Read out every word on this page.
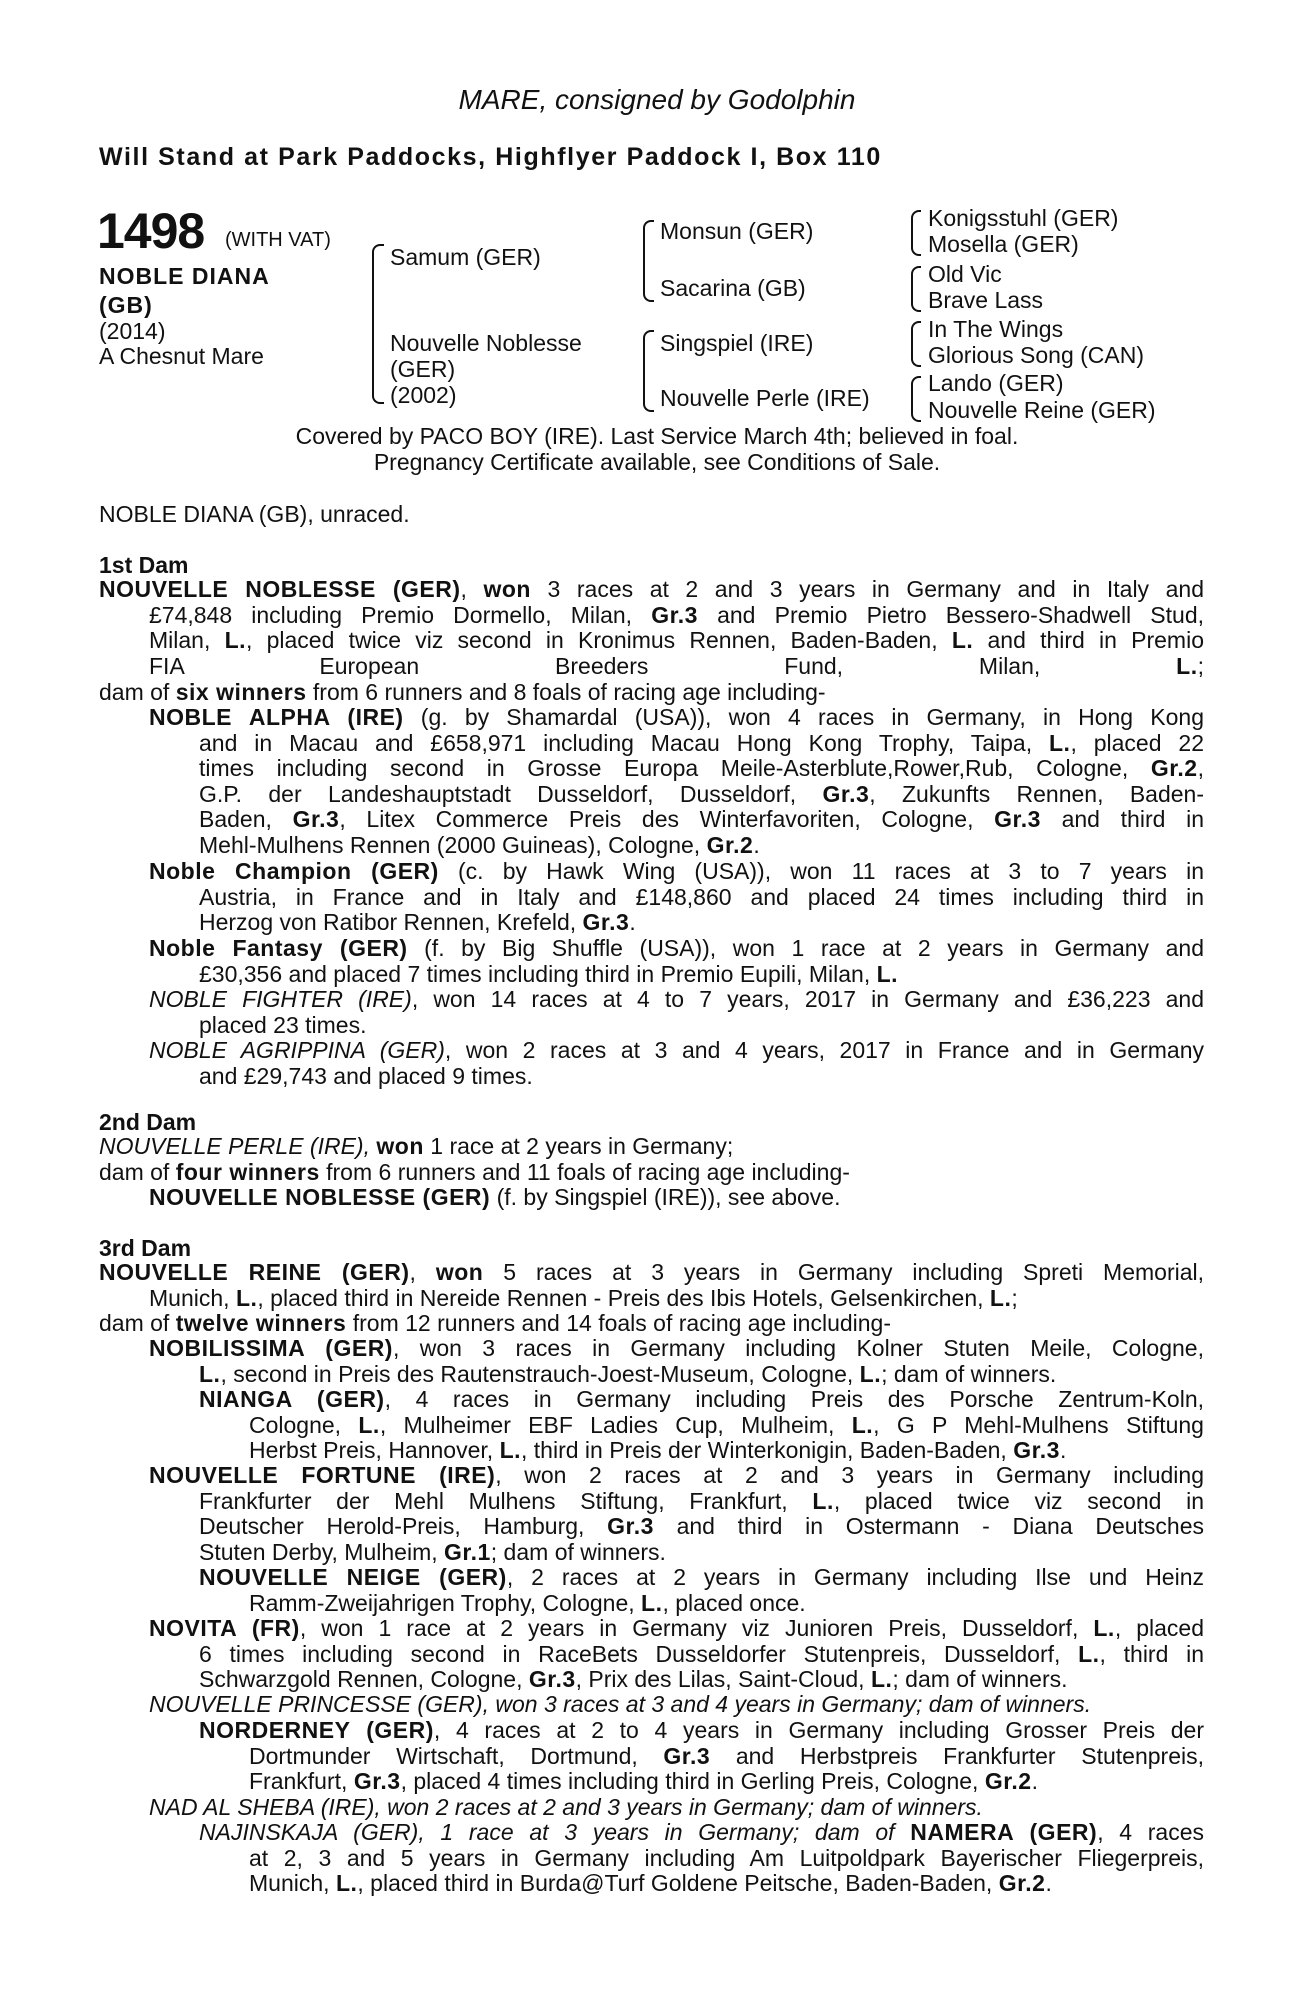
MARE, consigned by Godolphin
Will Stand at Park Paddocks, Highflyer Paddock I, Box 110
1498 (WITH VAT)
NOBLE DIANA
(GB)
(2014)
A Chesnut Mare
Samum (GER)
Nouvelle Noblesse
(GER)
(2002)
Monsun (GER)
Sacarina (GB)
Singspiel (IRE)
Nouvelle Perle (IRE)
Konigsstuhl (GER)
Mosella (GER)
Old Vic
Brave Lass
In The Wings
Glorious Song (CAN)
Lando (GER)
Nouvelle Reine (GER)
Covered by PACO BOY (IRE). Last Service March 4th; believed in foal.
Pregnancy Certificate available, see Conditions of Sale.
NOBLE DIANA (GB), unraced.
1st Dam
NOUVELLE NOBLESSE (GER), won 3 races at 2 and 3 years in Germany and in Italy and
£74,848 including Premio Dormello, Milan, Gr.3 and Premio Pietro Bessero-Shadwell Stud,
Milan, L., placed twice viz second in Kronimus Rennen, Baden-Baden, L. and third in Premio
FIA European Breeders Fund, Milan, L.;
dam of six winners from 6 runners and 8 foals of racing age including-
NOBLE ALPHA (IRE) (g. by Shamardal (USA)), won 4 races in Germany, in Hong Kong
and in Macau and £658,971 including Macau Hong Kong Trophy, Taipa, L., placed 22
times including second in Grosse Europa Meile-Asterblute,Rower,Rub, Cologne, Gr.2,
G.P. der Landeshauptstadt Dusseldorf, Dusseldorf, Gr.3, Zukunfts Rennen, Baden-
Baden, Gr.3, Litex Commerce Preis des Winterfavoriten, Cologne, Gr.3 and third in
Mehl-Mulhens Rennen (2000 Guineas), Cologne, Gr.2.
Noble Champion (GER) (c. by Hawk Wing (USA)), won 11 races at 3 to 7 years in
Austria, in France and in Italy and £148,860 and placed 24 times including third in
Herzog von Ratibor Rennen, Krefeld, Gr.3.
Noble Fantasy (GER) (f. by Big Shuffle (USA)), won 1 race at 2 years in Germany and
£30,356 and placed 7 times including third in Premio Eupili, Milan, L.
NOBLE FIGHTER (IRE), won 14 races at 4 to 7 years, 2017 in Germany and £36,223 and
placed 23 times.
NOBLE AGRIPPINA (GER), won 2 races at 3 and 4 years, 2017 in France and in Germany
and £29,743 and placed 9 times.
2nd Dam
NOUVELLE PERLE (IRE), won 1 race at 2 years in Germany;
dam of four winners from 6 runners and 11 foals of racing age including-
NOUVELLE NOBLESSE (GER) (f. by Singspiel (IRE)), see above.
3rd Dam
NOUVELLE REINE (GER), won 5 races at 3 years in Germany including Spreti Memorial,
Munich, L., placed third in Nereide Rennen - Preis des Ibis Hotels, Gelsenkirchen, L.;
dam of twelve winners from 12 runners and 14 foals of racing age including-
NOBILISSIMA (GER), won 3 races in Germany including Kolner Stuten Meile, Cologne,
L., second in Preis des Rautenstrauch-Joest-Museum, Cologne, L.; dam of winners.
NIANGA (GER), 4 races in Germany including Preis des Porsche Zentrum-Koln,
Cologne, L., Mulheimer EBF Ladies Cup, Mulheim, L., G P Mehl-Mulhens Stiftung
Herbst Preis, Hannover, L., third in Preis der Winterkonigin, Baden-Baden, Gr.3.
NOUVELLE FORTUNE (IRE), won 2 races at 2 and 3 years in Germany including
Frankfurter der Mehl Mulhens Stiftung, Frankfurt, L., placed twice viz second in
Deutscher Herold-Preis, Hamburg, Gr.3 and third in Ostermann - Diana Deutsches
Stuten Derby, Mulheim, Gr.1; dam of winners.
NOUVELLE NEIGE (GER), 2 races at 2 years in Germany including Ilse und Heinz
Ramm-Zweijahrigen Trophy, Cologne, L., placed once.
NOVITA (FR), won 1 race at 2 years in Germany viz Junioren Preis, Dusseldorf, L., placed
6 times including second in RaceBets Dusseldorfer Stutenpreis, Dusseldorf, L., third in
Schwarzgold Rennen, Cologne, Gr.3, Prix des Lilas, Saint-Cloud, L.; dam of winners.
NOUVELLE PRINCESSE (GER), won 3 races at 3 and 4 years in Germany; dam of winners.
NORDERNEY (GER), 4 races at 2 to 4 years in Germany including Grosser Preis der
Dortmunder Wirtschaft, Dortmund, Gr.3 and Herbstpreis Frankfurter Stutenpreis,
Frankfurt, Gr.3, placed 4 times including third in Gerling Preis, Cologne, Gr.2.
NAD AL SHEBA (IRE), won 2 races at 2 and 3 years in Germany; dam of winners.
NAJINSKAJA (GER), 1 race at 3 years in Germany; dam of NAMERA (GER), 4 races
at 2, 3 and 5 years in Germany including Am Luitpoldpark Bayerischer Fliegerpreis,
Munich, L., placed third in Burda@Turf Goldene Peitsche, Baden-Baden, Gr.2.
